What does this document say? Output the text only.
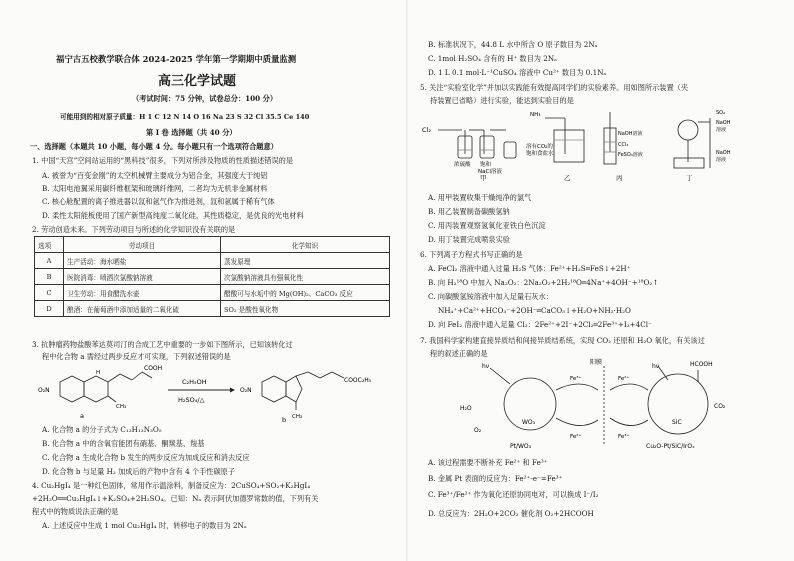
福宁古五校教学联合体 2024-2025 学年第一学期期中质量监测
高三化学试题
（考试时间：75 分钟，试卷总分：100 分）
可能用到的相对原子质量：H 1 C 12 N 14 O 16 Na 23 S 32 Cl 35.5 Ce 140
第 I 卷 选择题（共 40 分）
一、选择题（本题共 10 小题，每小题 4 分。每小题只有一个选项符合题意）
1. 中国“天宫”空间站运用的“黑科技”很多，下列对所涉及物质的性质描述错误的是
A. 被誉为“百变金刚”的太空机械臂主要成分为铝合金，其强度大于纯铝
B. 太阳电池翼采用碳纤维框架和玻璃纤维网，二者均为无机非金属材料
C. 核心舱配置的离子推进器以氙和氩气作为推进剂，氙和氩属于稀有气体
D. 柔性太阳能板使用了国产新型高纯度二氧化硅，其性质稳定，是优良的光电材料
2. 劳动创造未来。下列劳动项目与所述的化学知识没有关联的是
选项	劳动项目	化学知识
A	生产活动：海水晒盐	蒸发原理
B	医院消毒：喷洒次氯酸钠溶液	次氯酸钠溶液具有强氧化性
C	卫生劳动：用食醋洗水壶	醋酸可与水垢中的 Mg(OH)₂、CaCO₃ 反应
D	酿酒：在葡萄酒中添加适量的二氧化硫	SO₂ 是酸性氧化物
3. 抗肿瘤药物盐酸苯达莫司汀的合成工艺中重要的一步如下图所示，已知该转化过
程中化合物 a 需经过两步反应才可实现，下列叙述错误的是
O₂N
COOH
H
CH₃
a
C₂H₅OH
H₂SO₄/△
O₂N
COOC₂H₅
CH₃
b
A. 化合物 a 的分子式为 C₁₂H₁₃N₃O₅
B. 化合物 a 中的含氧官能团有硝基、酮羰基、羧基
C. 化合物 a 生成化合物 b 发生的两步反应为加成反应和消去反应
D. 化合物 b 与足量 H₂ 加成后的产物中含有 4 个手性碳原子
4. Cu₂HgI₄ 是一种红色固体，常用作示温涂料，制备反应为：2CuSO₄+SO₂+K₂HgI₄
+2H₂O══Cu₂HgI₄↓+K₂SO₄+2H₂SO₄。已知：Nₐ 表示阿伏加德罗常数的值，下列有关
程式中的物质说法正确的是
A. 上述反应中生成 1 mol Cu₂HgI₄ 时，转移电子的数目为 2Nₐ
B. 标准状况下，44.8 L 水中所含 O 原子数目为 2Nₐ
C. 1mol H₂SO₄ 含有的 H⁺ 数目为 2Nₐ
D. 1 L 0.1 mol·L⁻¹CuSO₄ 溶液中 Cu²⁺ 数目为 0.1Nₐ
5. 关注“实验室化学”并加以实践能有效提高同学们的实验素养。用如图所示装置（夹
持装置已省略）进行实验，能达到实验目的是
Cl₂
浓硫酸 饱和
NaCl溶液
NH₃
溶有CO₂的
饱和食盐水
NaOH溶液
CCl₄
FeSO₄溶液
SO₂
NaOH
溶液
NaOH
溶液
甲	乙	丙	丁
A. 用甲装置收集干燥纯净的氯气
B. 用乙装置制备碳酸氢钠
C. 用丙装置观察氢氧化亚铁白色沉淀
D. 用丁装置完成喷泉实验
6. 下列离子方程式书写正确的是
A. FeCl₂ 溶液中通入过量 H₂S 气体：Fe²⁺+H₂S═FeS↓+2H⁺
B. 向 H₂¹⁸O 中加入 Na₂O₂：2Na₂O₂+2H₂¹⁸O═4Na⁺+4OH⁻+¹⁸O₂↑
C. 向碳酸氢铵溶液中加入足量石灰水：
NH₄⁺+Ca²⁺+HCO₃⁻+2OH⁻═CaCO₃↓+H₂O+NH₃·H₂O
D. 向 FeI₂ 溶液中通入足量 Cl₂：2Fe²⁺+2I⁻+2Cl₂═2Fe³⁺+I₂+4Cl⁻
7. 我国科学家构建直接异质结和间接异质结系统，实现 CO₂ 还原和 H₂O 氧化，有关该过
程的叙述正确的是
hν	hν
阳膜	HCOOH
CO₂
H₂O
O₂
WO₃
Fe³⁺
Fe²⁺
Fe²⁺
Fe³⁺
SiC
Pt/WO₃	Cu₂O-Pt/SiC/IrOₓ
A. 该过程需要不断补充 Fe²⁺ 和 Fe³⁺
B. 金属 Pt 表面的反应为：Fe²⁺-e⁻=Fe³⁺
C. Fe³⁺/Fe²⁺ 作为氧化还原协同电对，可以换成 I⁻/I₂
D. 总反应为：2H₂O+2CO₂ 催化剂 O₂+2HCOOH
